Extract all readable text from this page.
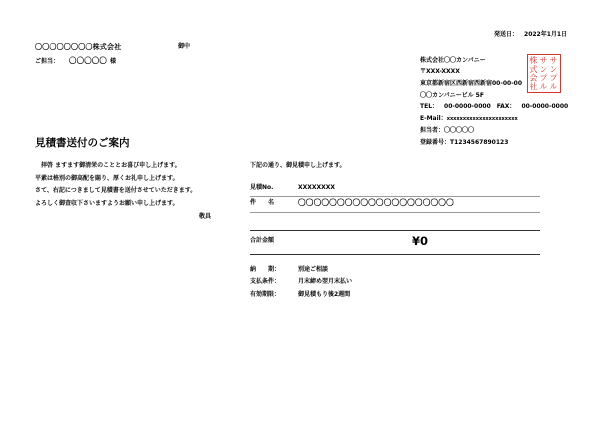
発送日： 2022年1月1日
〇〇〇〇〇〇〇〇株式会社	御中
ご担当： 〇〇〇〇〇 様	株式会社〇〇カンパニー
〒XXX-XXXX
東京都新宿区西新宿西新宿00-00-00
〇〇カンパニービル 5F
TEL： 00-0000-0000 FAX： 00-0000-0000
E-Mail：xxxxxxxxxxxxxxxxxxxxxx
担当者：〇〇〇〇〇
登録番号：T1234567890123
株式会社 サンプル サンプル
見積書送付のご案内
拝啓 ますます御清栄のこととお喜び申し上げます。
平素は格別の御高配を賜り、厚くお礼申し上げます。
さて、右記につきまして見積書を送付させていただきます。
よろしく御査収下さいますようお願い申し上げます。
敬具
下記の通り、御見積申し上げます。
見積No.	XXXXXXXX
件　　名	〇〇〇〇〇〇〇〇〇〇〇〇〇〇〇〇〇〇〇〇
合計金額	¥0
納　　期：	別途ご相談
支払条件：	月末締め翌月末払い
有効期限：	御見積もり後2週間
